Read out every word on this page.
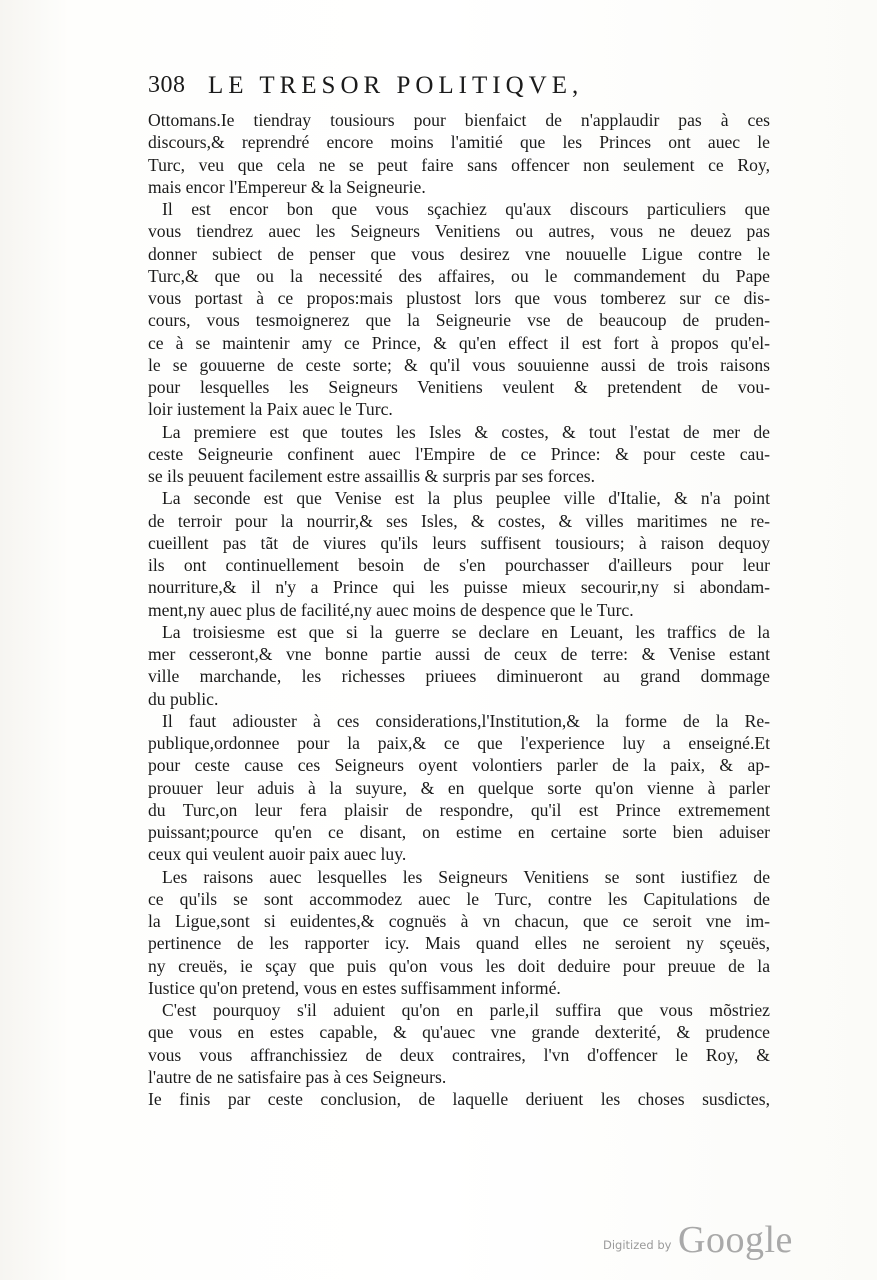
308 LE TRESOR POLITIQVE,
Ottomans.Ie tiendray tousiours pour bienfaict de n'applaudir pas à ces
discours,& reprendré encore moins l'amitié que les Princes ont auec le
Turc, veu que cela ne se peut faire sans offencer non seulement ce Roy,
mais encor l'Empereur & la Seigneurie.
Il est encor bon que vous sçachiez qu'aux discours particuliers que
vous tiendrez auec les Seigneurs Venitiens ou autres, vous ne deuez pas
donner subiect de penser que vous desirez vne nouuelle Ligue contre le
Turc,& que ou la necessité des affaires, ou le commandement du Pape
vous portast à ce propos:mais plustost lors que vous tomberez sur ce dis-
cours, vous tesmoignerez que la Seigneurie vse de beaucoup de pruden-
ce à se maintenir amy ce Prince, & qu'en effect il est fort à propos qu'el-
le se gouuerne de ceste sorte; & qu'il vous souuienne aussi de trois raisons
pour lesquelles les Seigneurs Venitiens veulent & pretendent de vou-
loir iustement la Paix auec le Turc.
La premiere est que toutes les Isles & costes, & tout l'estat de mer de
ceste Seigneurie confinent auec l'Empire de ce Prince: & pour ceste cau-
se ils peuuent facilement estre assaillis & surpris par ses forces.
La seconde est que Venise est la plus peuplee ville d'Italie, & n'a point
de terroir pour la nourrir,& ses Isles, & costes, & villes maritimes ne re-
cueillent pas tãt de viures qu'ils leurs suffisent tousiours; à raison dequoy
ils ont continuellement besoin de s'en pourchasser d'ailleurs pour leur
nourriture,& il n'y a Prince qui les puisse mieux secourir,ny si abondam-
ment,ny auec plus de facilité,ny auec moins de despence que le Turc.
La troisiesme est que si la guerre se declare en Leuant, les traffics de la
mer cesseront,& vne bonne partie aussi de ceux de terre: & Venise estant
ville marchande, les richesses priuees diminueront au grand dommage
du public.
Il faut adiouster à ces considerations,l'Institution,& la forme de la Re-
publique,ordonnee pour la paix,& ce que l'experience luy a enseigné.Et
pour ceste cause ces Seigneurs oyent volontiers parler de la paix, & ap-
prouuer leur aduis à la suyure, & en quelque sorte qu'on vienne à parler
du Turc,on leur fera plaisir de respondre, qu'il est Prince extremement
puissant;pource qu'en ce disant, on estime en certaine sorte bien aduiser
ceux qui veulent auoir paix auec luy.
Les raisons auec lesquelles les Seigneurs Venitiens se sont iustifiez de
ce qu'ils se sont accommodez auec le Turc, contre les Capitulations de
la Ligue,sont si euidentes,& cognuës à vn chacun, que ce seroit vne im-
pertinence de les rapporter icy. Mais quand elles ne seroient ny sçeuës,
ny creuës, ie sçay que puis qu'on vous les doit deduire pour preuue de la
Iustice qu'on pretend, vous en estes suffisamment informé.
C'est pourquoy s'il aduient qu'on en parle,il suffira que vous mõstriez
que vous en estes capable, & qu'auec vne grande dexterité, & prudence
vous vous affranchissiez de deux contraires, l'vn d'offencer le Roy, &
l'autre de ne satisfaire pas à ces Seigneurs.
Ie finis par ceste conclusion, de laquelle deriuent les choses susdictes,
Digitized by Google
